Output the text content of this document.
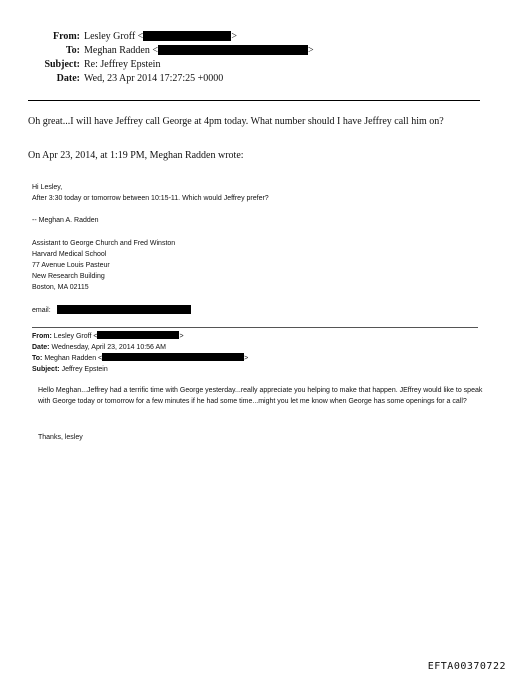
From: Lesley Groff <	>
To: Meghan Radden <	>
Subject: Re: Jeffrey Epstein
Date: Wed, 23 Apr 2014 17:27:25 +0000
Oh great...I will have Jeffrey call George at 4pm today. What number should I have Jeffrey call him on?
On Apr 23, 2014, at 1:19 PM, Meghan Radden wrote:
Hi Lesley,
After 3:30 today or tomorrow between 10:15-11. Which would Jeffrey prefer?
-- Meghan A. Radden
Assistant to George Church and Fred Winston
Harvard Medical School
77 Avenue Louis Pasteur
New Research Building
Boston, MA 02115
email:
From: Lesley Groff <	>
Date: Wednesday, April 23, 2014 10:56 AM
To: Meghan Radden <	>
Subject: Jeffrey Epstein
Hello Meghan...Jeffrey had a terrific time with George yesterday...really appreciate you helping to make that happen. JEffrey would like to speak with George today or tomorrow for a few minutes if he had some time...might you let me know when George has some openings for a call?
Thanks, lesley
EFTA00370722
